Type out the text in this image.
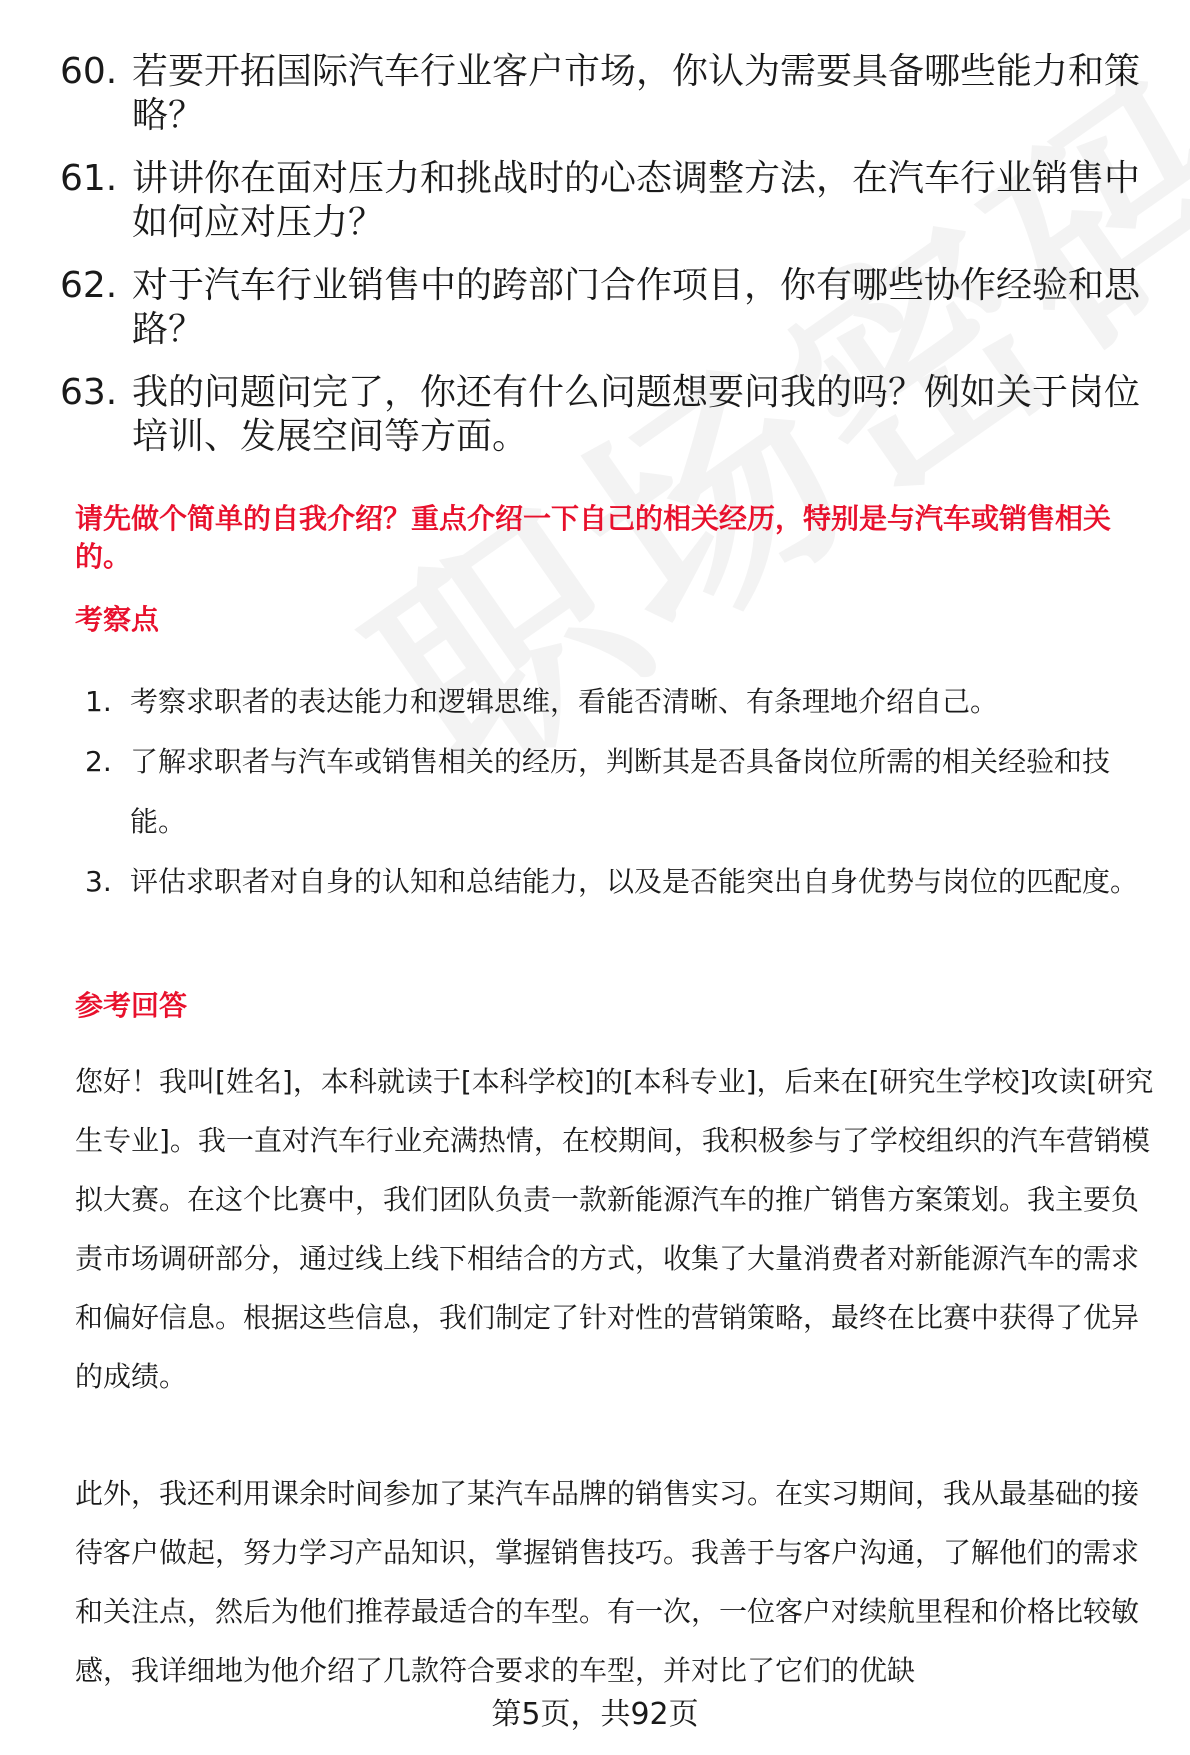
60. 若要开拓国际汽车行业客户市场，你认为需要具备哪些能力和策略？
61. 讲讲你在面对压力和挑战时的心态调整方法，在汽车行业销售中如何应对压力？
62. 对于汽车行业销售中的跨部门合作项目，你有哪些协作经验和思路？
63. 我的问题问完了，你还有什么问题想要问我的吗？例如关于岗位培训、发展空间等方面。
请先做个简单的自我介绍？重点介绍一下自己的相关经历，特别是与汽车或销售相关的。
考察点
1. 考察求职者的表达能力和逻辑思维，看能否清晰、有条理地介绍自己。
2. 了解求职者与汽车或销售相关的经历，判断其是否具备岗位所需的相关经验和技能。
3. 评估求职者对自身的认知和总结能力，以及是否能突出自身优势与岗位的匹配度。
参考回答
您好！我叫[姓名]，本科就读于[本科学校]的[本科专业]，后来在[研究生学校]攻读[研究生专业]。我一直对汽车行业充满热情，在校期间，我积极参与了学校组织的汽车营销模拟大赛。在这个比赛中，我们团队负责一款新能源汽车的推广销售方案策划。我主要负责市场调研部分，通过线上线下相结合的方式，收集了大量消费者对新能源汽车的需求和偏好信息。根据这些信息，我们制定了针对性的营销策略，最终在比赛中获得了优异的成绩。
此外，我还利用课余时间参加了某汽车品牌的销售实习。在实习期间，我从最基础的接待客户做起，努力学习产品知识，掌握销售技巧。我善于与客户沟通，了解他们的需求和关注点，然后为他们推荐最适合的车型。有一次，一位客户对续航里程和价格比较敏感，我详细地为他介绍了几款符合要求的车型，并对比了它们的优缺
第5页，共92页
